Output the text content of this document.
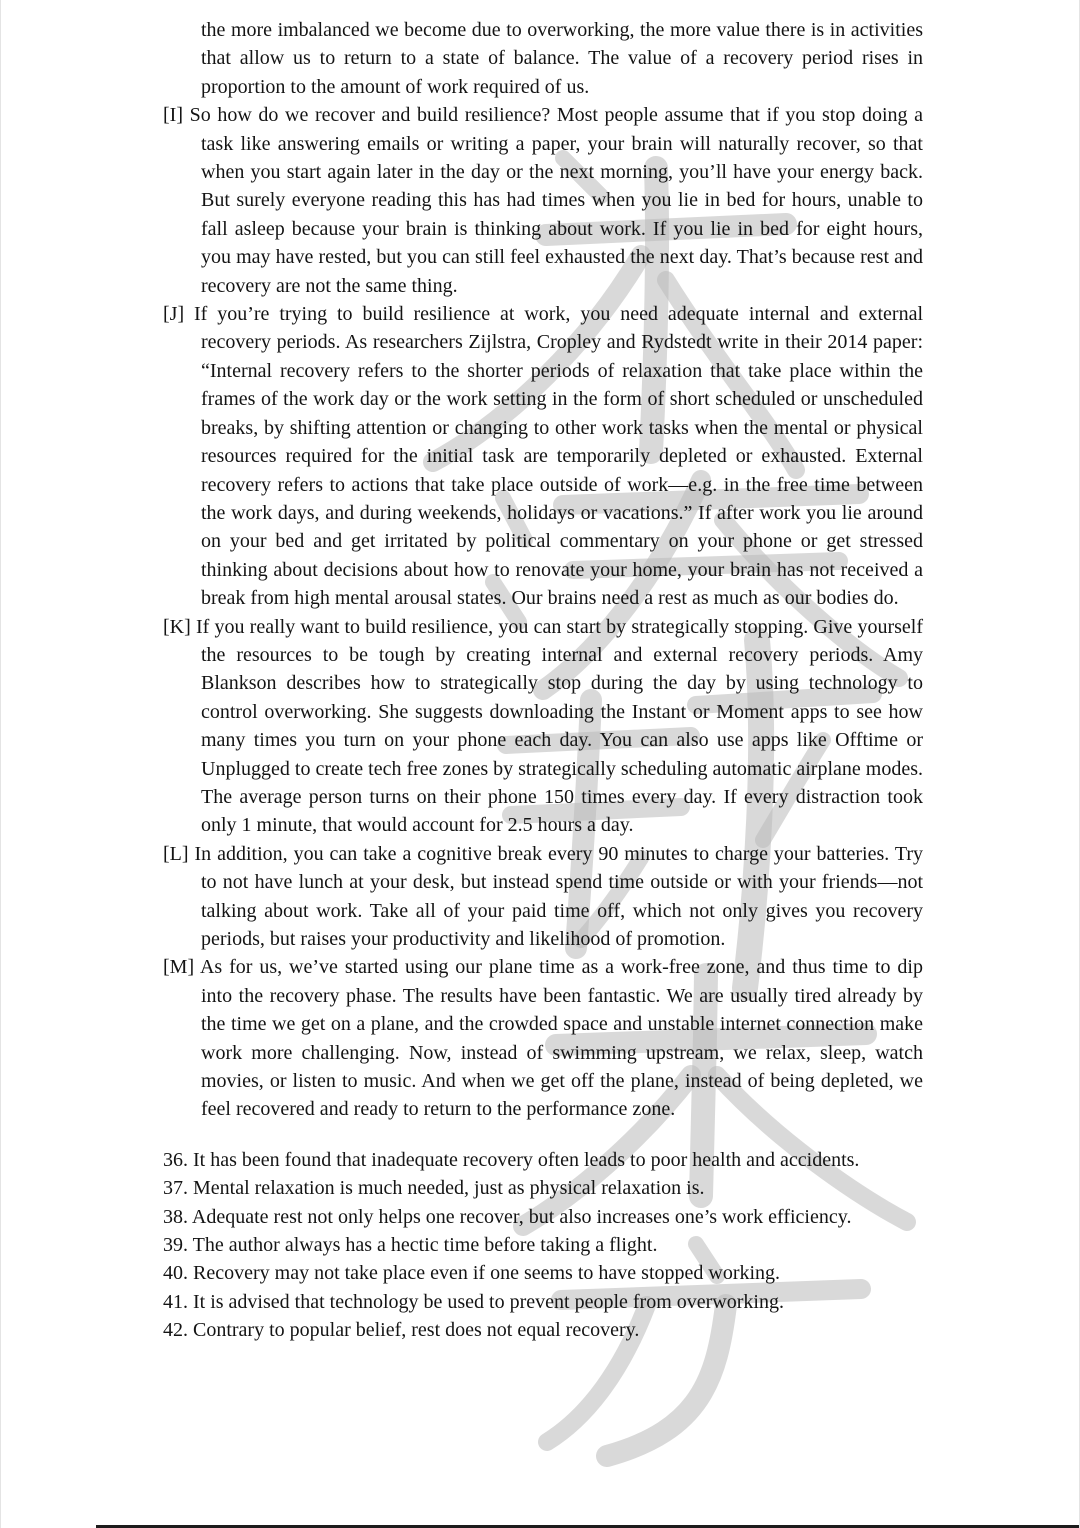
the more imbalanced we become due to overworking, the more value there is in activities that allow us to return to a state of balance. The value of a recovery period rises in proportion to the amount of work required of us.

[I] So how do we recover and build resilience? Most people assume that if you stop doing a task like answering emails or writing a paper, your brain will naturally recover, so that when you start again later in the day or the next morning, you’ll have your energy back. But surely everyone reading this has had times when you lie in bed for hours, unable to fall asleep because your brain is thinking about work. If you lie in bed for eight hours, you may have rested, but you can still feel exhausted the next day. That’s because rest and recovery are not the same thing.

[J] If you’re trying to build resilience at work, you need adequate internal and external recovery periods. As researchers Zijlstra, Cropley and Rydstedt write in their 2014 paper: “Internal recovery refers to the shorter periods of relaxation that take place within the frames of the work day or the work setting in the form of short scheduled or unscheduled breaks, by shifting attention or changing to other work tasks when the mental or physical resources required for the initial task are temporarily depleted or exhausted. External recovery refers to actions that take place outside of work—e.g. in the free time between the work days, and during weekends, holidays or vacations.” If after work you lie around on your bed and get irritated by political commentary on your phone or get stressed thinking about decisions about how to renovate your home, your brain has not received a break from high mental arousal states. Our brains need a rest as much as our bodies do.

[K] If you really want to build resilience, you can start by strategically stopping. Give yourself the resources to be tough by creating internal and external recovery periods. Amy Blankson describes how to strategically stop during the day by using technology to control overworking. She suggests downloading the Instant or Moment apps to see how many times you turn on your phone each day. You can also use apps like Offtime or Unplugged to create tech free zones by strategically scheduling automatic airplane modes. The average person turns on their phone 150 times every day. If every distraction took only 1 minute, that would account for 2.5 hours a day.

[L] In addition, you can take a cognitive break every 90 minutes to charge your batteries. Try to not have lunch at your desk, but instead spend time outside or with your friends—not talking about work. Take all of your paid time off, which not only gives you recovery periods, but raises your productivity and likelihood of promotion.

[M] As for us, we’ve started using our plane time as a work-free zone, and thus time to dip into the recovery phase. The results have been fantastic. We are usually tired already by the time we get on a plane, and the crowded space and unstable internet connection make work more challenging. Now, instead of swimming upstream, we relax, sleep, watch movies, or listen to music. And when we get off the plane, instead of being depleted, we feel recovered and ready to return to the performance zone.

36. It has been found that inadequate recovery often leads to poor health and accidents.

37. Mental relaxation is much needed, just as physical relaxation is.

38. Adequate rest not only helps one recover, but also increases one’s work efficiency.

39. The author always has a hectic time before taking a flight.

40. Recovery may not take place even if one seems to have stopped working.

41. It is advised that technology be used to prevent people from overworking.

42. Contrary to popular belief, rest does not equal recovery.
